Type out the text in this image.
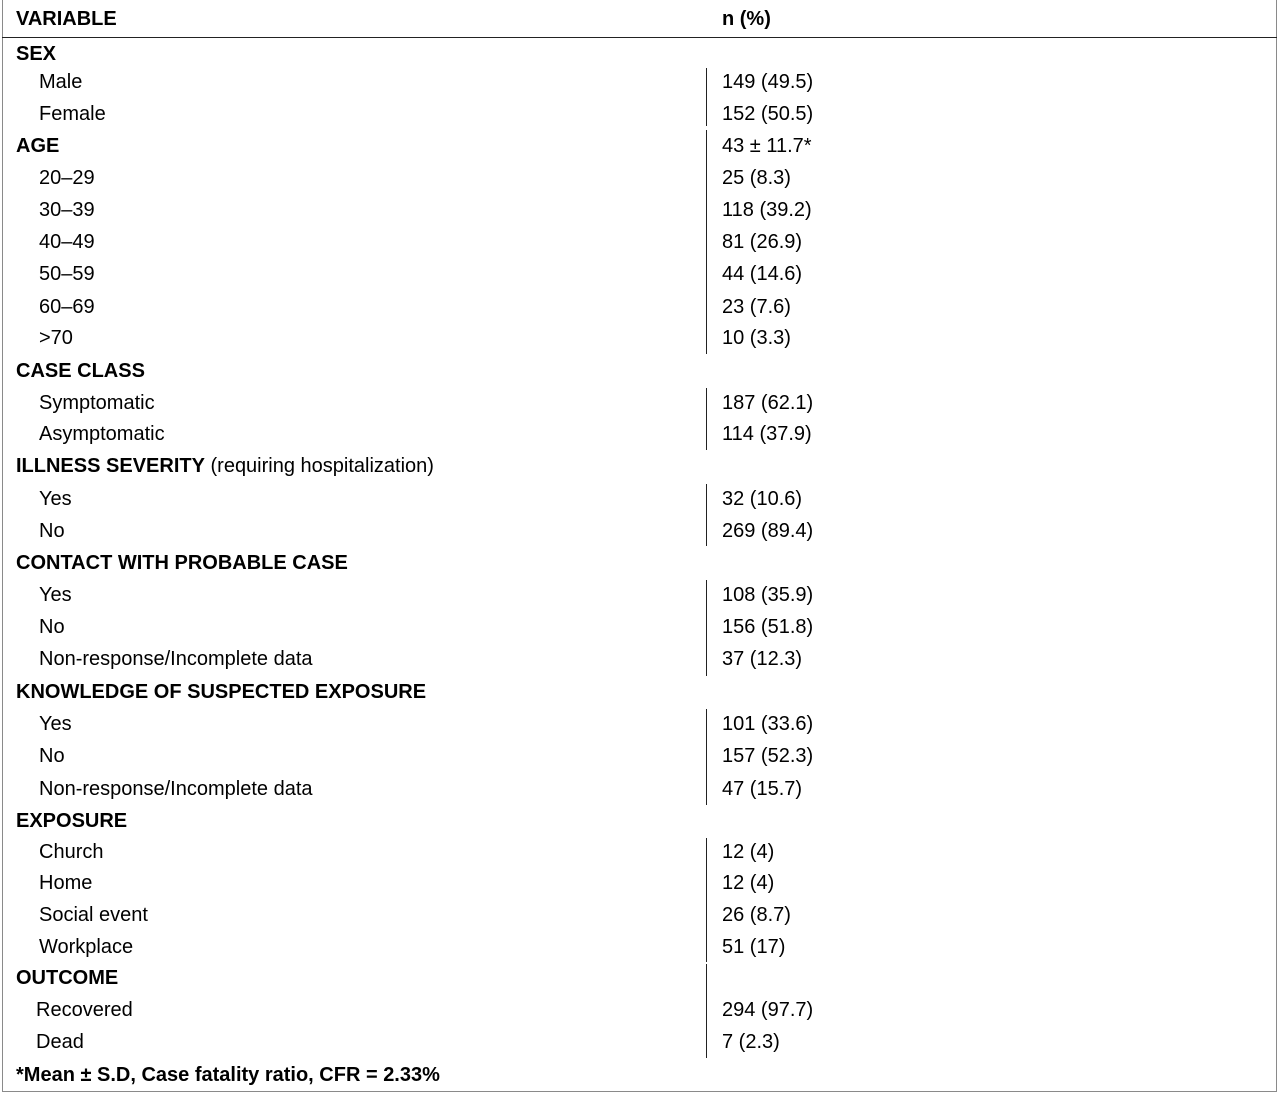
VARIABLE	n (%)
SEX
Male	149 (49.5)
Female	152 (50.5)
AGE	43 ± 11.7*
20–29	25 (8.3)
30–39	118 (39.2)
40–49	81 (26.9)
50–59	44 (14.6)
60–69	23 (7.6)
>70	10 (3.3)
CASE CLASS
Symptomatic	187 (62.1)
Asymptomatic	114 (37.9)
ILLNESS SEVERITY (requiring hospitalization)
Yes	32 (10.6)
No	269 (89.4)
CONTACT WITH PROBABLE CASE
Yes	108 (35.9)
No	156 (51.8)
Non-response/Incomplete data	37 (12.3)
KNOWLEDGE OF SUSPECTED EXPOSURE
Yes	101 (33.6)
No	157 (52.3)
Non-response/Incomplete data	47 (15.7)
EXPOSURE
Church	12 (4)
Home	12 (4)
Social event	26 (8.7)
Workplace	51 (17)
OUTCOME
Recovered	294 (97.7)
Dead	7 (2.3)
*Mean ± S.D, Case fatality ratio, CFR = 2.33%
